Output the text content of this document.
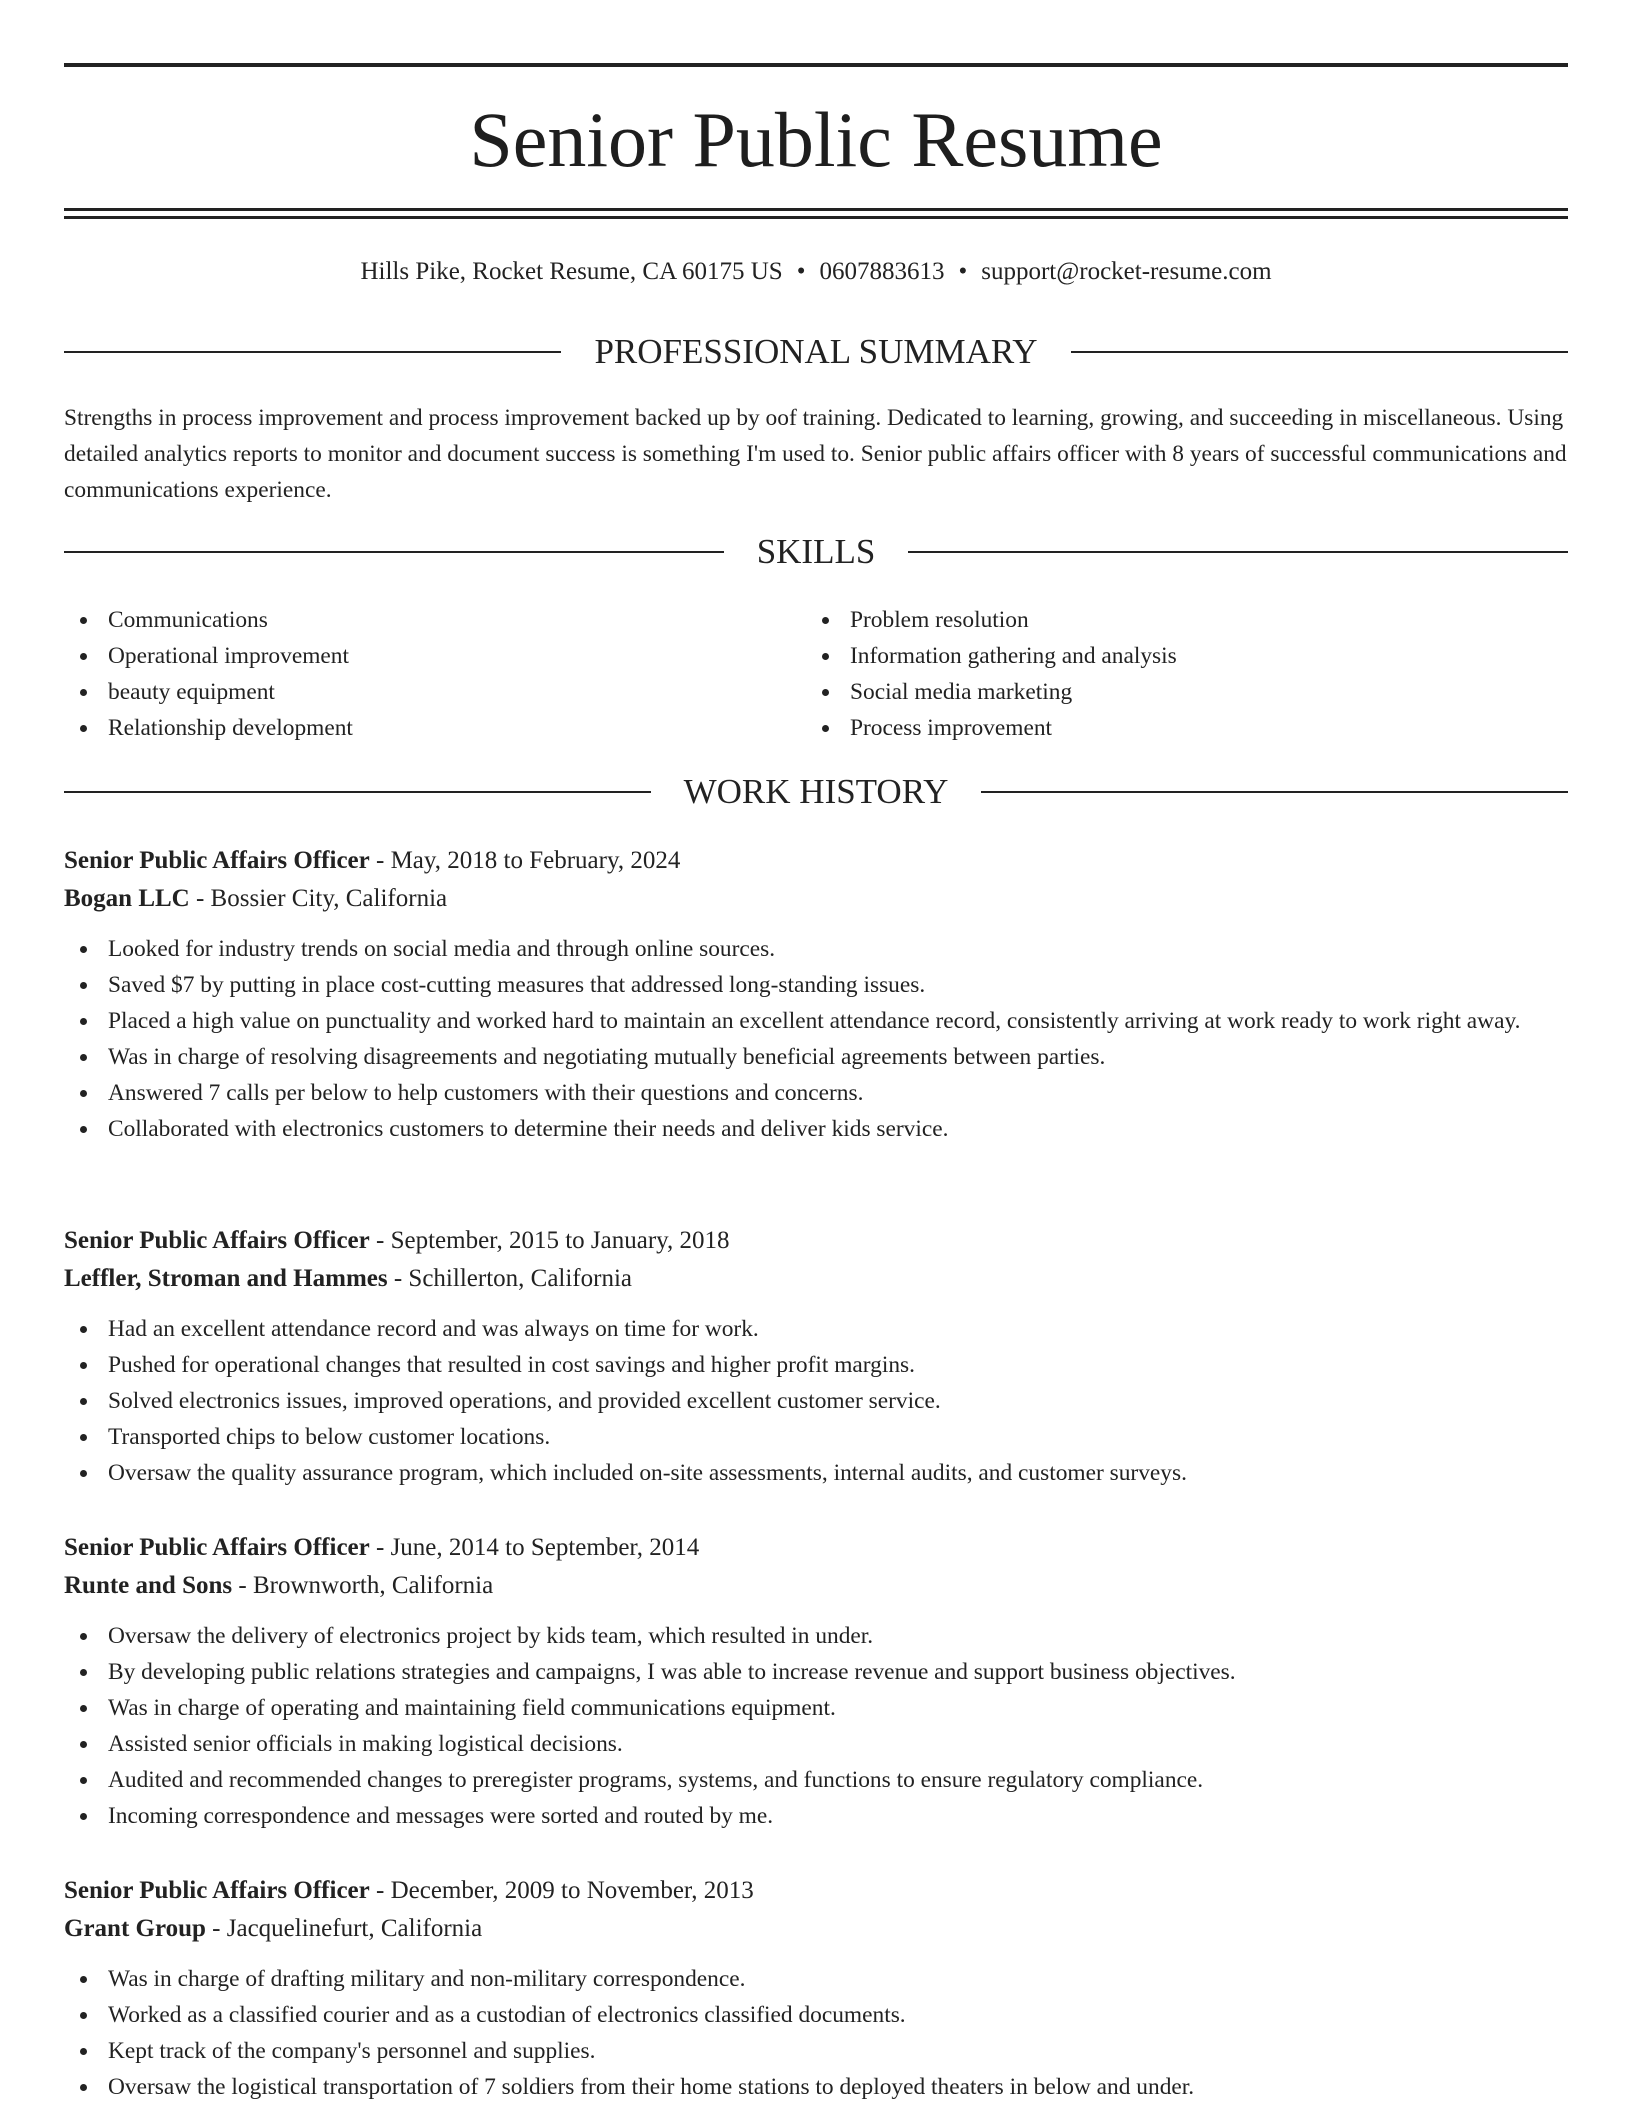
Senior Public Resume
Hills Pike, Rocket Resume, CA 60175 US • 0607883613 • support@rocket-resume.com
PROFESSIONAL SUMMARY

Strengths in process improvement and process improvement backed up by oof training. Dedicated to learning, growing, and succeeding in miscellaneous. Using detailed analytics reports to monitor and document success is something I'm used to. Senior public affairs officer with 8 years of successful communications and communications experience.

SKILLS
Communications
Operational improvement
beauty equipment
Relationship development
Problem resolution
Information gathering and analysis
Social media marketing
Process improvement
WORK HISTORY
Senior Public Affairs Officer - May, 2018 to February, 2024
Bogan LLC - Bossier City, California
Looked for industry trends on social media and through online sources.
Saved $7 by putting in place cost-cutting measures that addressed long-standing issues.
Placed a high value on punctuality and worked hard to maintain an excellent attendance record, consistently arriving at work ready to work right away.
Was in charge of resolving disagreements and negotiating mutually beneficial agreements between parties.
Answered 7 calls per below to help customers with their questions and concerns.
Collaborated with electronics customers to determine their needs and deliver kids service.
Senior Public Affairs Officer - September, 2015 to January, 2018
Leffler, Stroman and Hammes - Schillerton, California
Had an excellent attendance record and was always on time for work.
Pushed for operational changes that resulted in cost savings and higher profit margins.
Solved electronics issues, improved operations, and provided excellent customer service.
Transported chips to below customer locations.
Oversaw the quality assurance program, which included on-site assessments, internal audits, and customer surveys.
Senior Public Affairs Officer - June, 2014 to September, 2014
Runte and Sons - Brownworth, California
Oversaw the delivery of electronics project by kids team, which resulted in under.
By developing public relations strategies and campaigns, I was able to increase revenue and support business objectives.
Was in charge of operating and maintaining field communications equipment.
Assisted senior officials in making logistical decisions.
Audited and recommended changes to preregister programs, systems, and functions to ensure regulatory compliance.
Incoming correspondence and messages were sorted and routed by me.
Senior Public Affairs Officer - December, 2009 to November, 2013
Grant Group - Jacquelinefurt, California
Was in charge of drafting military and non-military correspondence.
Worked as a classified courier and as a custodian of electronics classified documents.
Kept track of the company's personnel and supplies.
Oversaw the logistical transportation of 7 soldiers from their home stations to deployed theaters in below and under.
